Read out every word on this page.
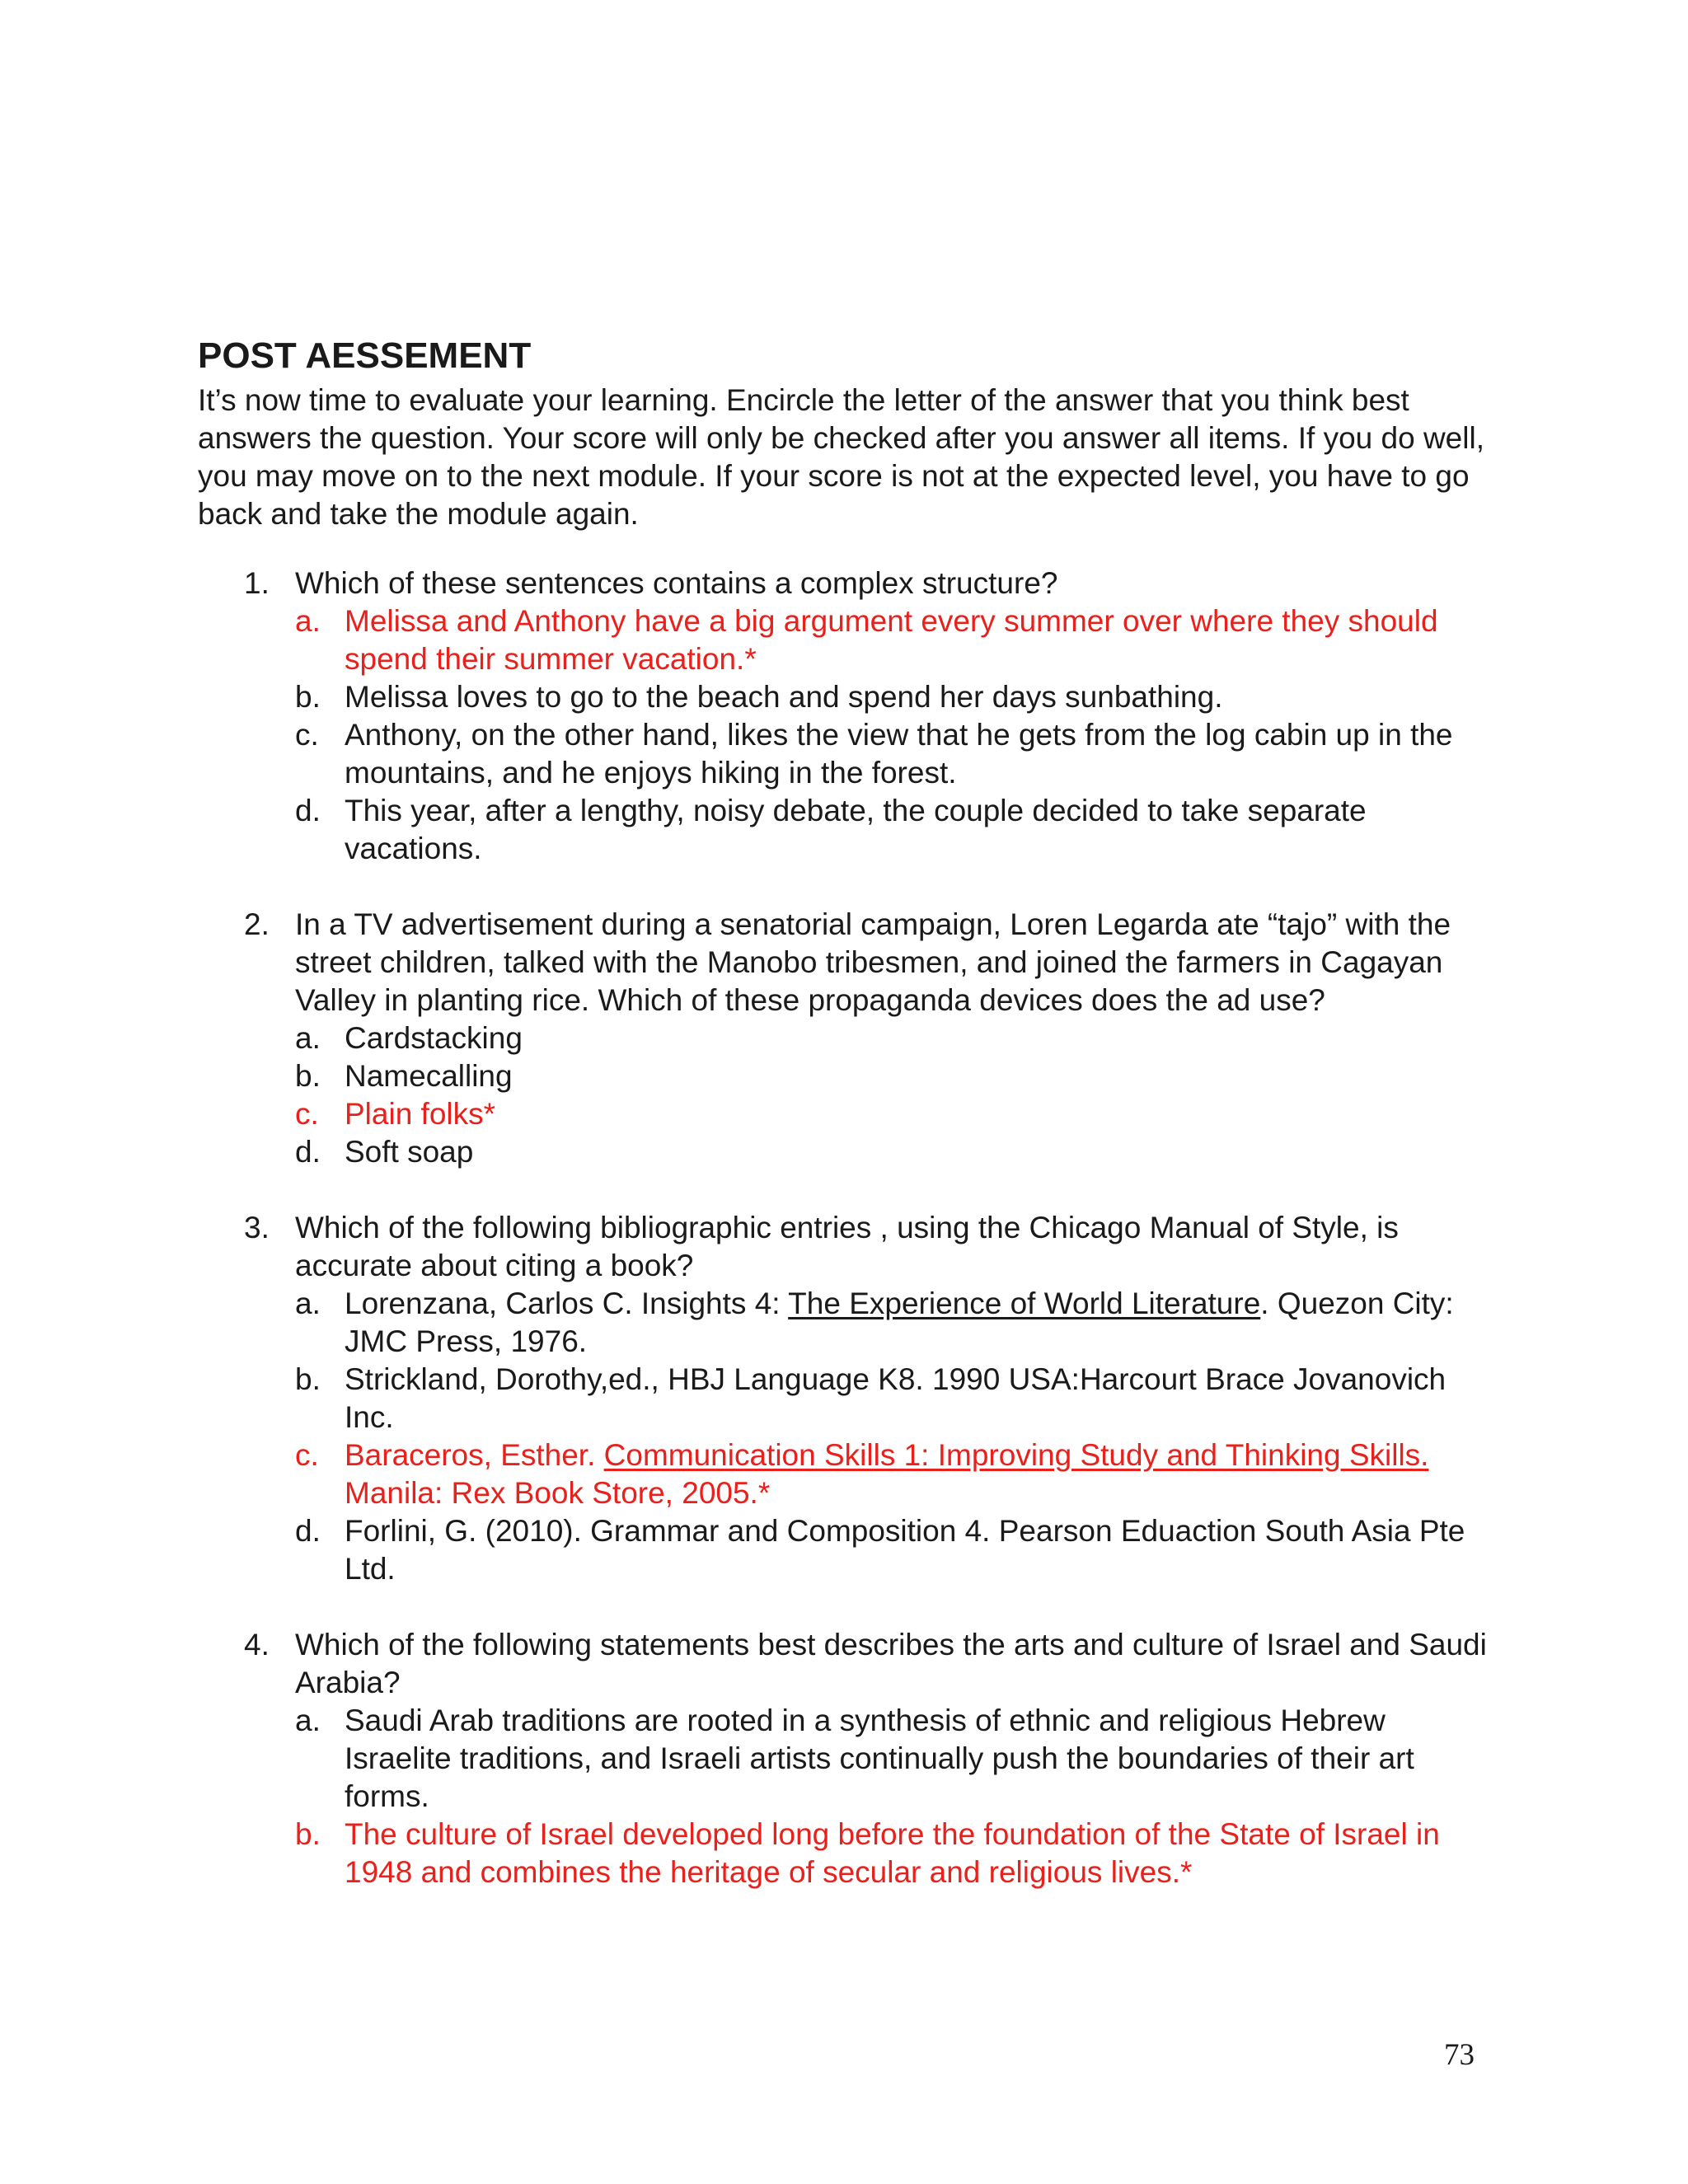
POST AESSEMENT

It’s now time to evaluate your learning. Encircle the letter of the answer that you think best answers the question. Your score will only be checked after you answer all items. If you do well, you may move on to the next module. If your score is not at the expected level, you have to go back and take the module again.

1. Which of these sentences contains a complex structure?
a. Melissa and Anthony have a big argument every summer over where they should spend their summer vacation.*
b. Melissa loves to go to the beach and spend her days sunbathing.
c. Anthony, on the other hand, likes the view that he gets from the log cabin up in the mountains, and he enjoys hiking in the forest.
d. This year, after a lengthy, noisy debate, the couple decided to take separate vacations.
2. In a TV advertisement during a senatorial campaign, Loren Legarda ate “tajo” with the street children, talked with the Manobo tribesmen, and joined the farmers in Cagayan Valley in planting rice. Which of these propaganda devices does the ad use?
a. Cardstacking
b. Namecalling
c. Plain folks*
d. Soft soap
3. Which of the following bibliographic entries , using the Chicago Manual of Style, is accurate about citing a book?
a. Lorenzana, Carlos C. Insights 4: The Experience of World Literature. Quezon City: JMC Press, 1976.
b. Strickland, Dorothy,ed., HBJ Language K8. 1990 USA:Harcourt Brace Jovanovich Inc.
c. Baraceros, Esther. Communication Skills 1: Improving Study and Thinking Skills. Manila: Rex Book Store, 2005.*
d. Forlini, G. (2010). Grammar and Composition 4. Pearson Eduaction South Asia Pte Ltd.
4. Which of the following statements best describes the arts and culture of Israel and Saudi Arabia?
a. Saudi Arab traditions are rooted in a synthesis of ethnic and religious Hebrew Israelite traditions, and Israeli artists continually push the boundaries of their art forms.
b. The culture of Israel developed long before the foundation of the State of Israel in 1948 and combines the heritage of secular and religious lives.*
73
